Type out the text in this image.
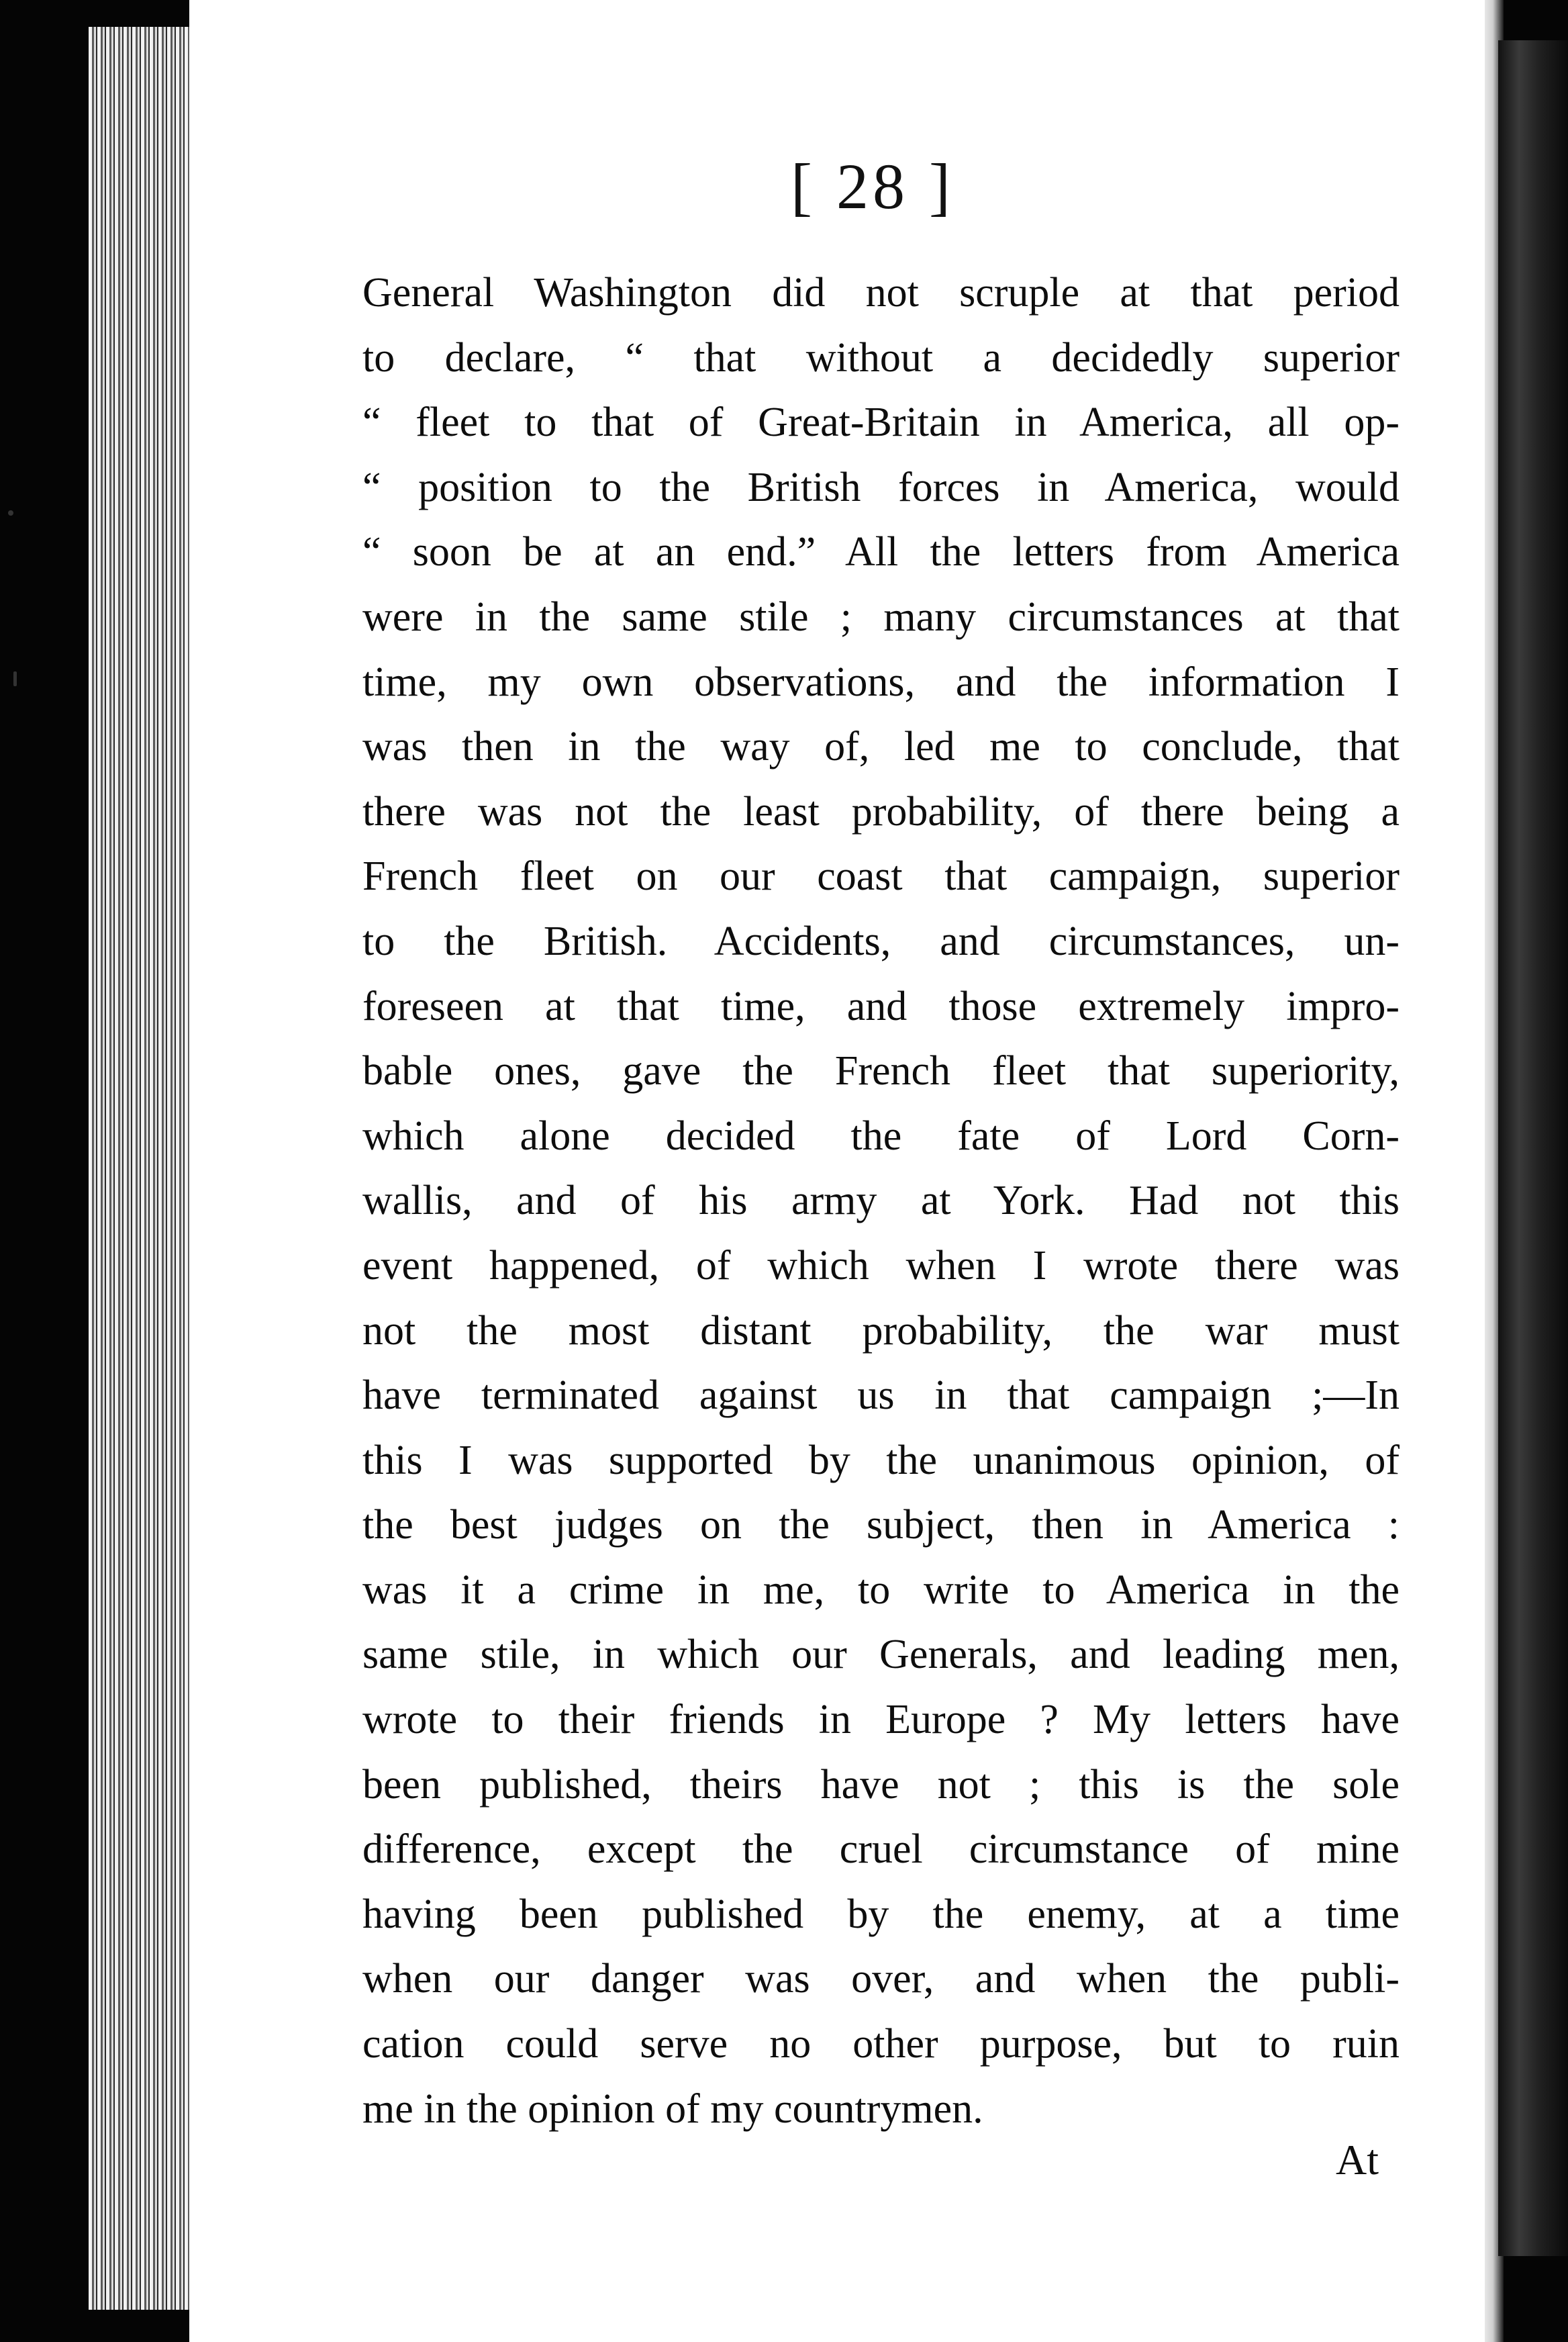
[ 28 ]
General Washington did not scruple at that period
to declare, “ that without a decidedly superior
“ fleet to that of Great-Britain in America, all op-
“ position to the British forces in America, would
“ soon be at an end.” All the letters from America
were in the same stile ; many circumstances at that
time, my own observations, and the information I
was then in the way of, led me to conclude, that
there was not the least probability, of there being a
French fleet on our coast that campaign, superior
to the British. Accidents, and circumstances, un-
foreseen at that time, and those extremely impro-
bable ones, gave the French fleet that superiority,
which alone decided the fate of Lord Corn-
wallis, and of his army at York. Had not this
event happened, of which when I wrote there was
not the most distant probability, the war must
have terminated against us in that campaign ;—In
this I was supported by the unanimous opinion, of
the best judges on the subject, then in America :
was it a crime in me, to write to America in the
same stile, in which our Generals, and leading men,
wrote to their friends in Europe ? My letters have
been published, theirs have not ; this is the sole
difference, except the cruel circumstance of mine
having been published by the enemy, at a time
when our danger was over, and when the publi-
cation could serve no other purpose, but to ruin
me in the opinion of my countrymen.
At
